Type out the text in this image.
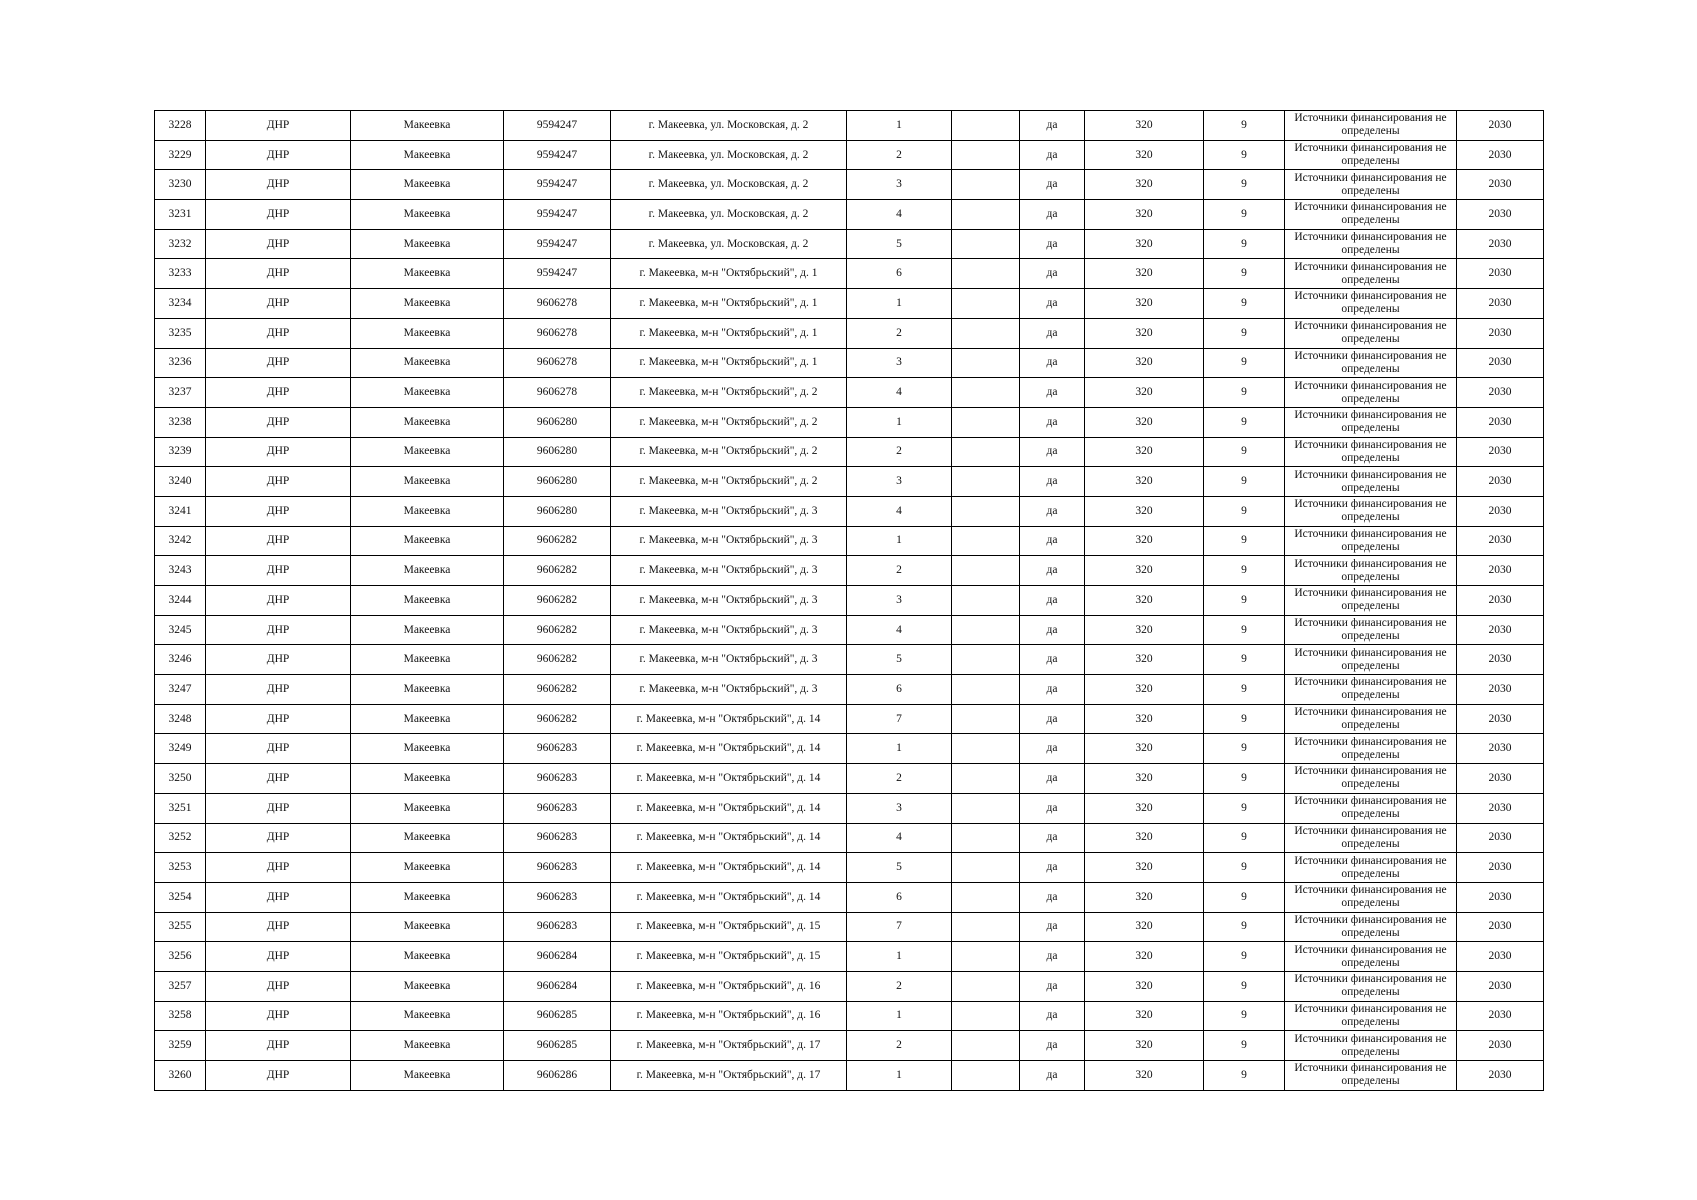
3228	ДНР	Макеевка	9594247	г. Макеевка, ул. Московская, д. 2	1		да	320	9	Источники финансирования не определены	2030
3229	ДНР	Макеевка	9594247	г. Макеевка, ул. Московская, д. 2	2		да	320	9	Источники финансирования не определены	2030
3230	ДНР	Макеевка	9594247	г. Макеевка, ул. Московская, д. 2	3		да	320	9	Источники финансирования не определены	2030
3231	ДНР	Макеевка	9594247	г. Макеевка, ул. Московская, д. 2	4		да	320	9	Источники финансирования не определены	2030
3232	ДНР	Макеевка	9594247	г. Макеевка, ул. Московская, д. 2	5		да	320	9	Источники финансирования не определены	2030
3233	ДНР	Макеевка	9594247	г. Макеевка, м-н "Октябрьский", д. 1	6		да	320	9	Источники финансирования не определены	2030
3234	ДНР	Макеевка	9606278	г. Макеевка, м-н "Октябрьский", д. 1	1		да	320	9	Источники финансирования не определены	2030
3235	ДНР	Макеевка	9606278	г. Макеевка, м-н "Октябрьский", д. 1	2		да	320	9	Источники финансирования не определены	2030
3236	ДНР	Макеевка	9606278	г. Макеевка, м-н "Октябрьский", д. 1	3		да	320	9	Источники финансирования не определены	2030
3237	ДНР	Макеевка	9606278	г. Макеевка, м-н "Октябрьский", д. 2	4		да	320	9	Источники финансирования не определены	2030
3238	ДНР	Макеевка	9606280	г. Макеевка, м-н "Октябрьский", д. 2	1		да	320	9	Источники финансирования не определены	2030
3239	ДНР	Макеевка	9606280	г. Макеевка, м-н "Октябрьский", д. 2	2		да	320	9	Источники финансирования не определены	2030
3240	ДНР	Макеевка	9606280	г. Макеевка, м-н "Октябрьский", д. 2	3		да	320	9	Источники финансирования не определены	2030
3241	ДНР	Макеевка	9606280	г. Макеевка, м-н "Октябрьский", д. 3	4		да	320	9	Источники финансирования не определены	2030
3242	ДНР	Макеевка	9606282	г. Макеевка, м-н "Октябрьский", д. 3	1		да	320	9	Источники финансирования не определены	2030
3243	ДНР	Макеевка	9606282	г. Макеевка, м-н "Октябрьский", д. 3	2		да	320	9	Источники финансирования не определены	2030
3244	ДНР	Макеевка	9606282	г. Макеевка, м-н "Октябрьский", д. 3	3		да	320	9	Источники финансирования не определены	2030
3245	ДНР	Макеевка	9606282	г. Макеевка, м-н "Октябрьский", д. 3	4		да	320	9	Источники финансирования не определены	2030
3246	ДНР	Макеевка	9606282	г. Макеевка, м-н "Октябрьский", д. 3	5		да	320	9	Источники финансирования не определены	2030
3247	ДНР	Макеевка	9606282	г. Макеевка, м-н "Октябрьский", д. 3	6		да	320	9	Источники финансирования не определены	2030
3248	ДНР	Макеевка	9606282	г. Макеевка, м-н "Октябрьский", д. 14	7		да	320	9	Источники финансирования не определены	2030
3249	ДНР	Макеевка	9606283	г. Макеевка, м-н "Октябрьский", д. 14	1		да	320	9	Источники финансирования не определены	2030
3250	ДНР	Макеевка	9606283	г. Макеевка, м-н "Октябрьский", д. 14	2		да	320	9	Источники финансирования не определены	2030
3251	ДНР	Макеевка	9606283	г. Макеевка, м-н "Октябрьский", д. 14	3		да	320	9	Источники финансирования не определены	2030
3252	ДНР	Макеевка	9606283	г. Макеевка, м-н "Октябрьский", д. 14	4		да	320	9	Источники финансирования не определены	2030
3253	ДНР	Макеевка	9606283	г. Макеевка, м-н "Октябрьский", д. 14	5		да	320	9	Источники финансирования не определены	2030
3254	ДНР	Макеевка	9606283	г. Макеевка, м-н "Октябрьский", д. 14	6		да	320	9	Источники финансирования не определены	2030
3255	ДНР	Макеевка	9606283	г. Макеевка, м-н "Октябрьский", д. 15	7		да	320	9	Источники финансирования не определены	2030
3256	ДНР	Макеевка	9606284	г. Макеевка, м-н "Октябрьский", д. 15	1		да	320	9	Источники финансирования не определены	2030
3257	ДНР	Макеевка	9606284	г. Макеевка, м-н "Октябрьский", д. 16	2		да	320	9	Источники финансирования не определены	2030
3258	ДНР	Макеевка	9606285	г. Макеевка, м-н "Октябрьский", д. 16	1		да	320	9	Источники финансирования не определены	2030
3259	ДНР	Макеевка	9606285	г. Макеевка, м-н "Октябрьский", д. 17	2		да	320	9	Источники финансирования не определены	2030
3260	ДНР	Макеевка	9606286	г. Макеевка, м-н "Октябрьский", д. 17	1		да	320	9	Источники финансирования не определены	2030
